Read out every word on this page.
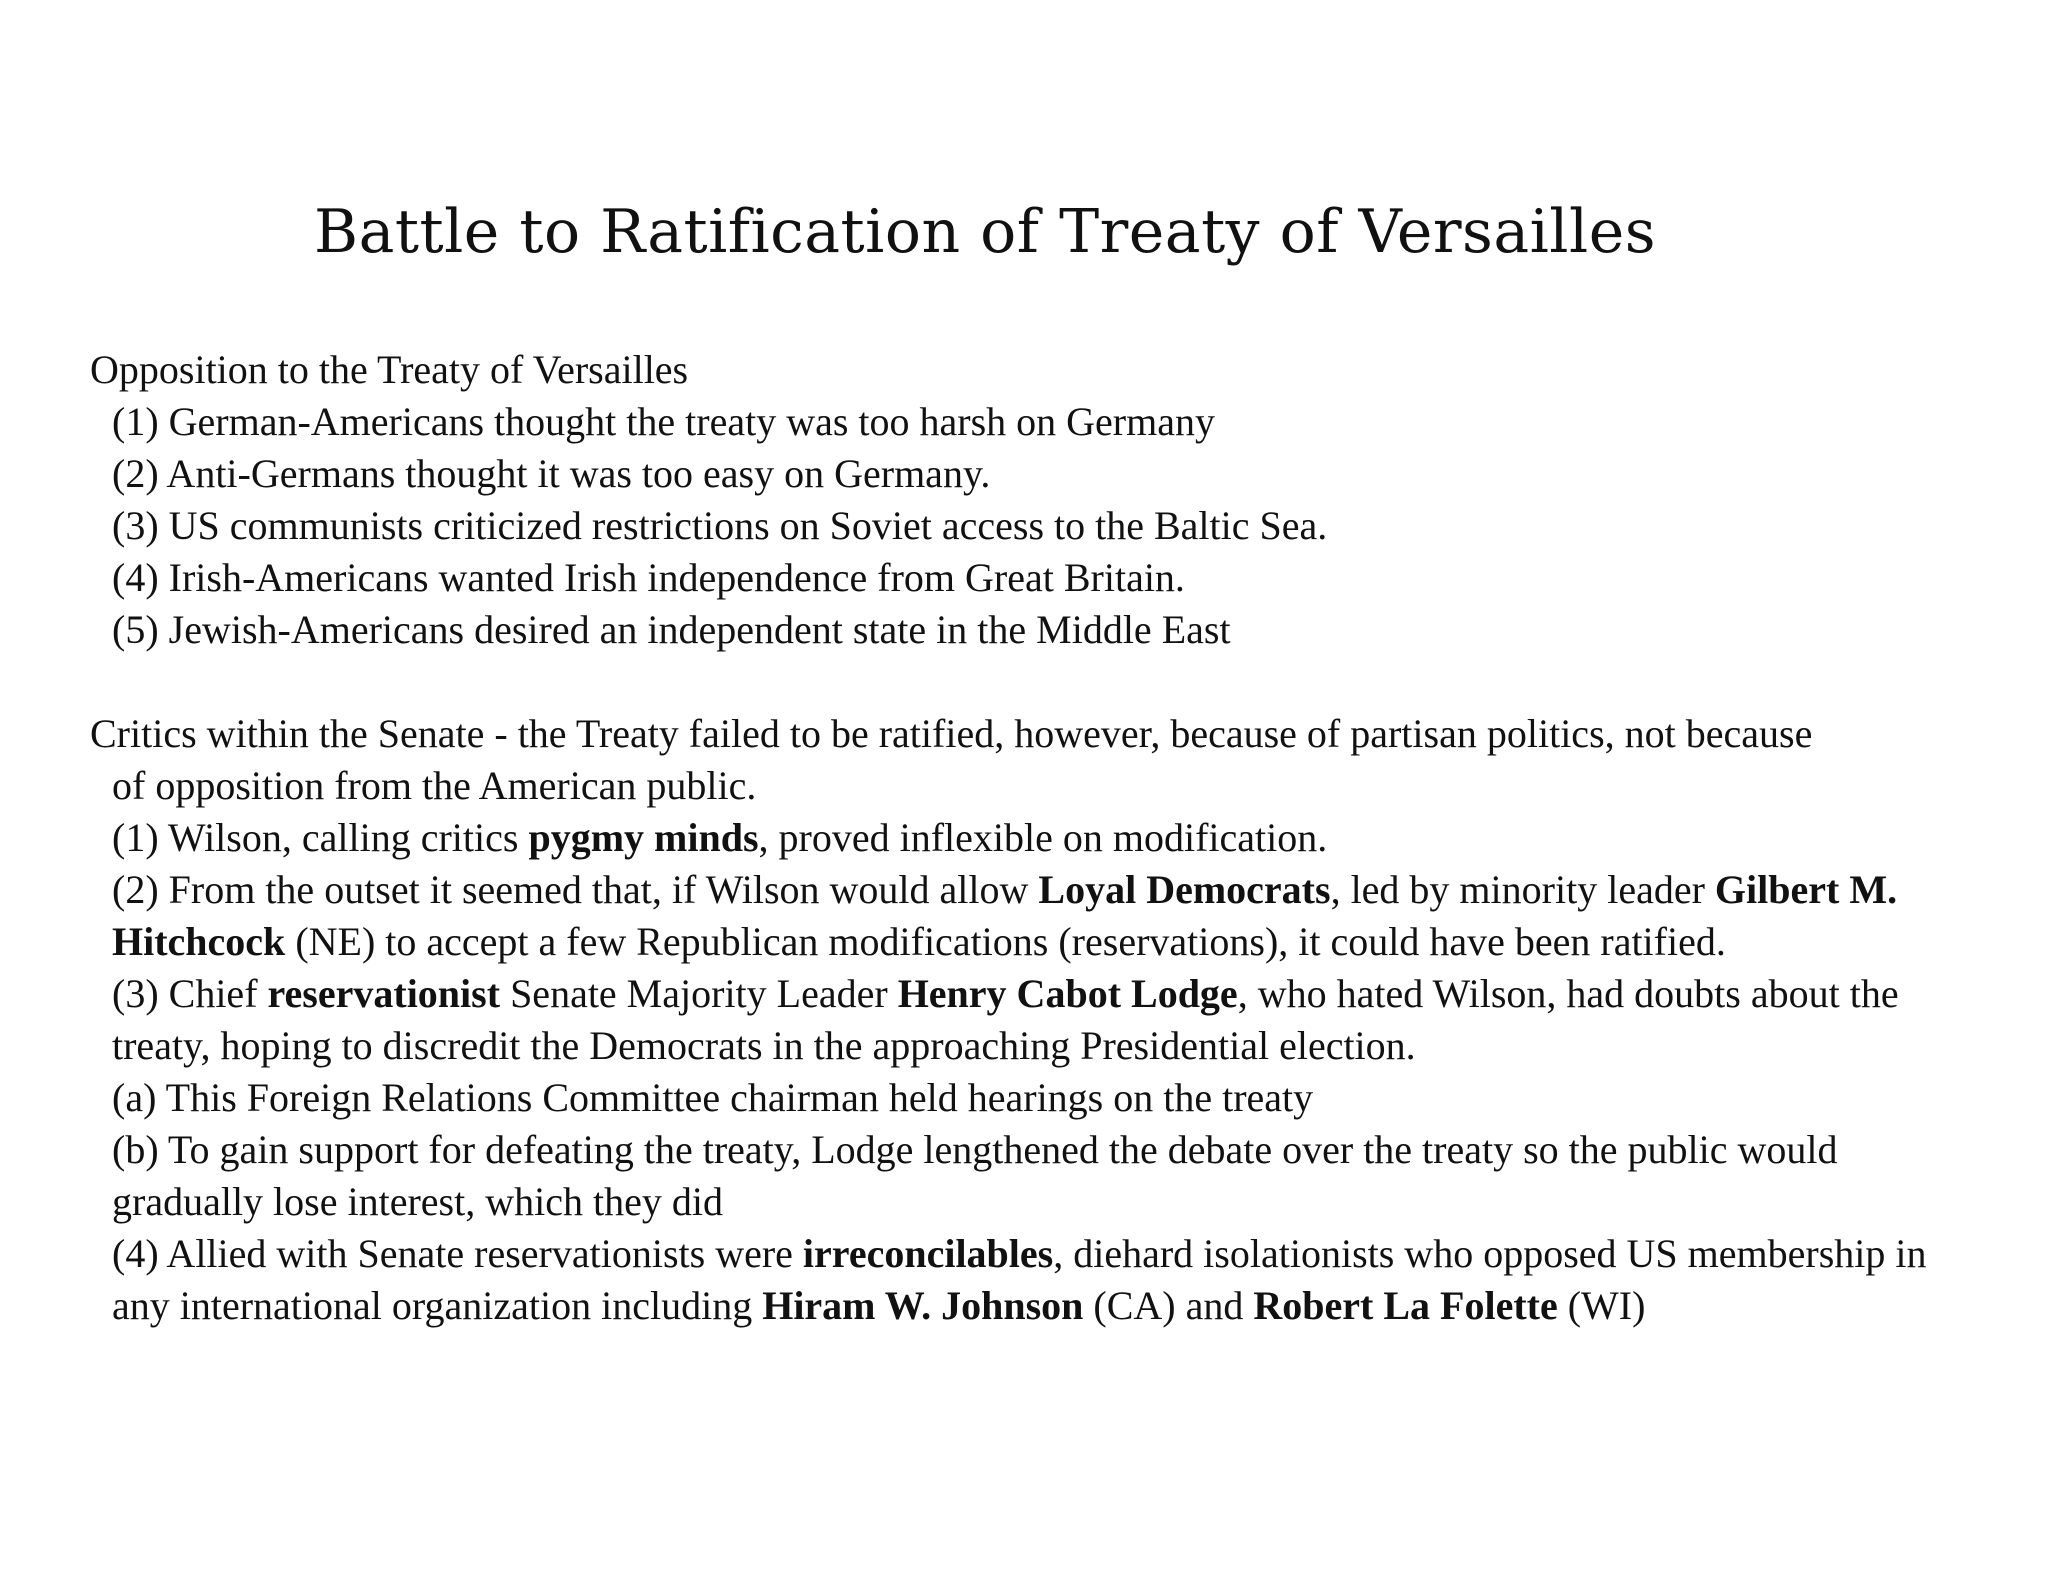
Battle to Ratification of Treaty of Versailles

Opposition to the Treaty of Versailles

(1) German-Americans thought the treaty was too harsh on Germany

(2) Anti-Germans thought it was too easy on Germany.

(3) US communists criticized restrictions on Soviet access to the Baltic Sea.

(4) Irish-Americans wanted Irish independence from Great Britain.

(5) Jewish-Americans desired an independent state in the Middle East

Critics within the Senate - the Treaty failed to be ratified, however, because of partisan politics, not because

of opposition from the American public.

(1) Wilson, calling critics pygmy minds, proved inflexible on modification.

(2) From the outset it seemed that, if Wilson would allow Loyal Democrats, led by minority leader Gilbert M. Hitchcock (NE) to accept a few Republican modifications (reservations), it could have been ratified.

(3) Chief reservationist Senate Majority Leader Henry Cabot Lodge, who hated Wilson, had doubts about the treaty, hoping to discredit the Democrats in the approaching Presidential election.

(a) This Foreign Relations Committee chairman held hearings on the treaty

(b) To gain support for defeating the treaty, Lodge lengthened the debate over the treaty so the public would gradually lose interest, which they did

(4) Allied with Senate reservationists were irreconcilables, diehard isolationists who opposed US membership in any international organization including Hiram W. Johnson (CA) and Robert La Folette (WI)
